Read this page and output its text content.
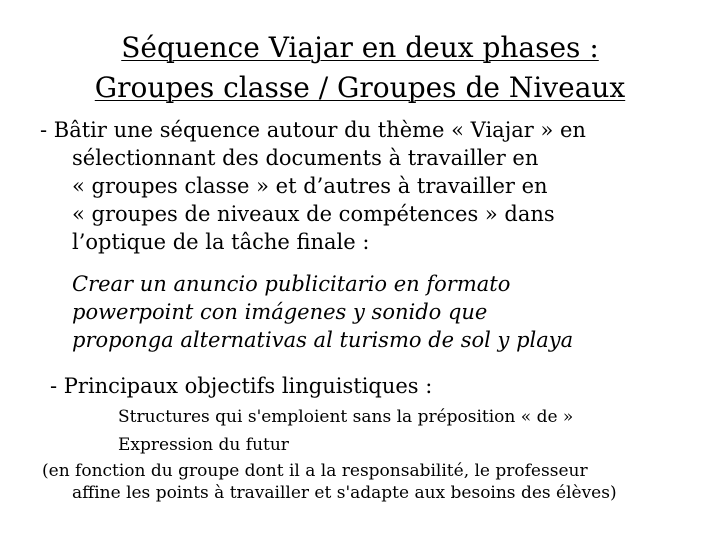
Séquence Viajar en deux phases :
Groupes classe / Groupes de Niveaux
- Bâtir une séquence autour du thème « Viajar » en
sélectionnant des documents à travailler en
« groupes classe » et d’autres à travailler en
« groupes de niveaux de compétences » dans
l’optique de la tâche finale :
Crear un anuncio publicitario en formato
powerpoint con imágenes y sonido que
proponga alternativas al turismo de sol y playa
- Principaux objectifs linguistiques :
Structures qui s'emploient sans la préposition « de »
Expression du futur
(en fonction du groupe dont il a la responsabilité, le professeur
affine les points à travailler et s'adapte aux besoins des élèves)
